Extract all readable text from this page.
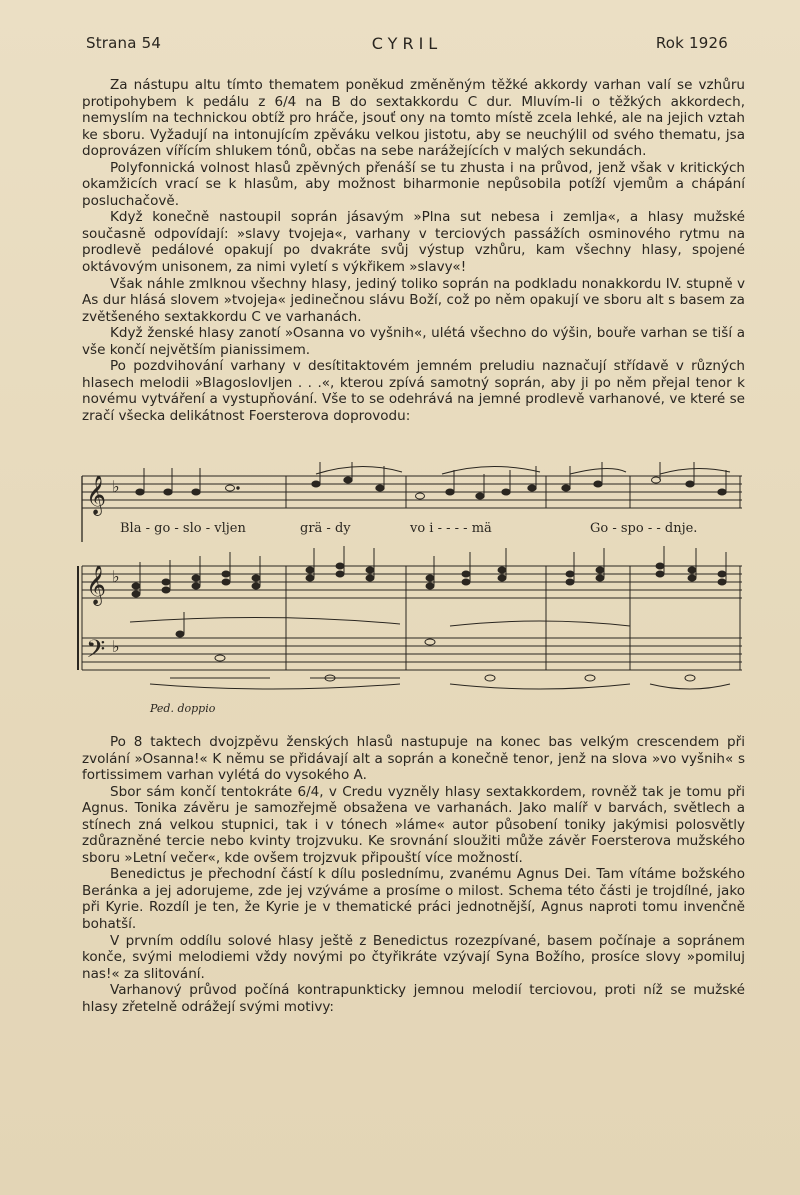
Strana 54	CYRIL	Rok 1926

Za nástupu altu tímto thematem poněkud změněným těžké akkordy varhan valí se vzhůru protipohybem k pedálu z 6/4 na B do sextakkordu C dur. Mluvím-li o těžkých akkordech, nemyslím na technickou obtíž pro hráče, jsouť ony na tomto místě zcela lehké, ale na jejich vztah ke sboru. Vyžadují na intonujícím zpěváku velkou jistotu, aby se neuchýlil od svého thematu, jsa doprovázen vířícím shlukem tónů, občas na sebe narážejících v malých sekundách.

Polyfonnická volnost hlasů zpěvných přenáší se tu zhusta i na průvod, jenž však v kritických okamžicích vrací se k hlasům, aby možnost biharmonie nepůsobila potíží vjemům a chápání posluchačově.

Když konečně nastoupil soprán jásavým »Plna sut nebesa i zemlja«, a hlasy mužské současně odpovídají: »slavy tvojeja«, varhany v terciových passážích osminového rytmu na prodlevě pedálové opakují po dvakráte svůj výstup vzhůru, kam všechny hlasy, spojené oktávovým unisonem, za nimi vyletí s výkřikem »slavy«!

Však náhle zmlknou všechny hlasy, jediný toliko soprán na podkladu nonakkordu IV. stupně v As dur hlásá slovem »tvojeja« jedinečnou slávu Boží, což po něm opakují ve sboru alt s basem za zvětšeného sextakkordu C ve varhanách.

Když ženské hlasy zanotí »Osanna vo vyšnih«, ulétá všechno do výšin, bouře varhan se tiší a vše končí největším pianissimem.

Po pozdvihování varhany v desítitaktovém jemném preludiu naznačují střídavě v různých hlasech melodii »Blagoslovljen . . .«, kterou zpívá samotný soprán, aby ji po něm přejal tenor k novému vytváření a vystupňování. Vše to se odehrává na jemné prodlevě varhanové, ve které se zračí všecka delikátnost Foersterova doprovodu:

𝄞
𝄞
𝄢
♭
♭
♭
Bla - go - slo - vljen	grä - dy	vo i - - - - mä	Go - spo - - dnje.
Ped. doppio

Po 8 taktech dvojzpěvu ženských hlasů nastupuje na konec bas velkým crescendem při zvolání »Osanna!« K němu se přidávají alt a soprán a konečně tenor, jenž na slova »vo vyšnih« s fortissimem varhan vylétá do vysokého A.

Sbor sám končí tentokráte 6/4, v Credu vyzněly hlasy sextakkordem, rovněž tak je tomu při Agnus. Tonika závěru je samozřejmě obsažena ve varhanách. Jako malíř v barvách, světlech a stínech zná velkou stupnici, tak i v tónech »láme« autor působení toniky jakýmisi polosvětly zdůrazněné tercie nebo kvinty trojzvuku. Ke srovnání sloužiti může závěr Foersterova mužského sboru »Letní večer«, kde ovšem trojzvuk připouští více možností.

Benedictus je přechodní částí k dílu poslednímu, zvanému Agnus Dei. Tam vítáme božského Beránka a jej adorujeme, zde jej vzýváme a prosíme o milost. Schema této části je trojdílné, jako při Kyrie. Rozdíl je ten, že Kyrie je v thematické práci jednotnější, Agnus naproti tomu invenčně bohatší.

V prvním oddílu solové hlasy ještě z Benedictus rozezpívané, basem počínaje a sopránem konče, svými melodiemi vždy novými po čtyřikráte vzývají Syna Božího, prosíce slovy »pomiluj nas!« za slitování.

Varhanový průvod počíná kontrapunkticky jemnou melodií terciovou, proti níž se mužské hlasy zřetelně odrážejí svými motivy:
